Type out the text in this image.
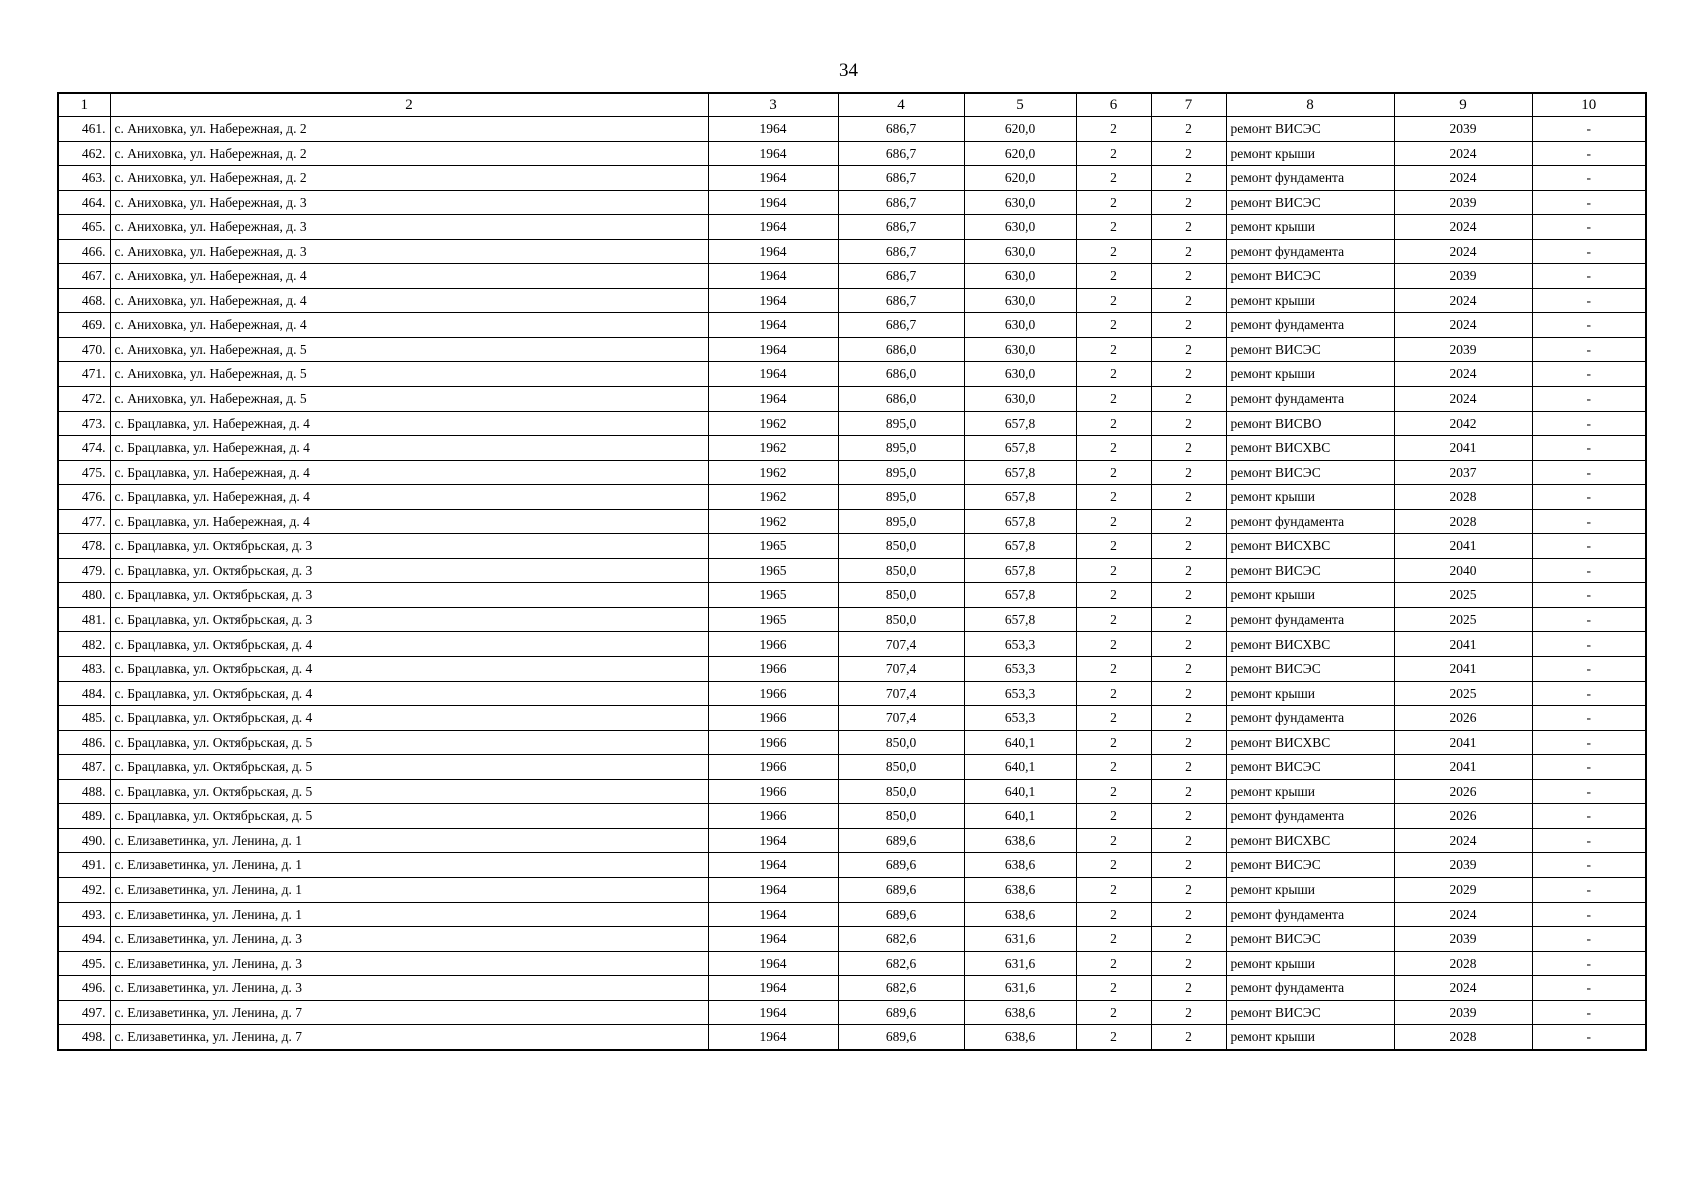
34
1	2	3	4	5	6	7	8	9	10
461.	с. Аниховка, ул. Набережная, д. 2	1964	686,7	620,0	2	2	ремонт ВИСЭС	2039	-
462.	с. Аниховка, ул. Набережная, д. 2	1964	686,7	620,0	2	2	ремонт крыши	2024	-
463.	с. Аниховка, ул. Набережная, д. 2	1964	686,7	620,0	2	2	ремонт фундамента	2024	-
464.	с. Аниховка, ул. Набережная, д. 3	1964	686,7	630,0	2	2	ремонт ВИСЭС	2039	-
465.	с. Аниховка, ул. Набережная, д. 3	1964	686,7	630,0	2	2	ремонт крыши	2024	-
466.	с. Аниховка, ул. Набережная, д. 3	1964	686,7	630,0	2	2	ремонт фундамента	2024	-
467.	с. Аниховка, ул. Набережная, д. 4	1964	686,7	630,0	2	2	ремонт ВИСЭС	2039	-
468.	с. Аниховка, ул. Набережная, д. 4	1964	686,7	630,0	2	2	ремонт крыши	2024	-
469.	с. Аниховка, ул. Набережная, д. 4	1964	686,7	630,0	2	2	ремонт фундамента	2024	-
470.	с. Аниховка, ул. Набережная, д. 5	1964	686,0	630,0	2	2	ремонт ВИСЭС	2039	-
471.	с. Аниховка, ул. Набережная, д. 5	1964	686,0	630,0	2	2	ремонт крыши	2024	-
472.	с. Аниховка, ул. Набережная, д. 5	1964	686,0	630,0	2	2	ремонт фундамента	2024	-
473.	с. Брацлавка, ул. Набережная, д. 4	1962	895,0	657,8	2	2	ремонт ВИСВО	2042	-
474.	с. Брацлавка, ул. Набережная, д. 4	1962	895,0	657,8	2	2	ремонт ВИСХВС	2041	-
475.	с. Брацлавка, ул. Набережная, д. 4	1962	895,0	657,8	2	2	ремонт ВИСЭС	2037	-
476.	с. Брацлавка, ул. Набережная, д. 4	1962	895,0	657,8	2	2	ремонт крыши	2028	-
477.	с. Брацлавка, ул. Набережная, д. 4	1962	895,0	657,8	2	2	ремонт фундамента	2028	-
478.	с. Брацлавка, ул. Октябрьская, д. 3	1965	850,0	657,8	2	2	ремонт ВИСХВС	2041	-
479.	с. Брацлавка, ул. Октябрьская, д. 3	1965	850,0	657,8	2	2	ремонт ВИСЭС	2040	-
480.	с. Брацлавка, ул. Октябрьская, д. 3	1965	850,0	657,8	2	2	ремонт крыши	2025	-
481.	с. Брацлавка, ул. Октябрьская, д. 3	1965	850,0	657,8	2	2	ремонт фундамента	2025	-
482.	с. Брацлавка, ул. Октябрьская, д. 4	1966	707,4	653,3	2	2	ремонт ВИСХВС	2041	-
483.	с. Брацлавка, ул. Октябрьская, д. 4	1966	707,4	653,3	2	2	ремонт ВИСЭС	2041	-
484.	с. Брацлавка, ул. Октябрьская, д. 4	1966	707,4	653,3	2	2	ремонт крыши	2025	-
485.	с. Брацлавка, ул. Октябрьская, д. 4	1966	707,4	653,3	2	2	ремонт фундамента	2026	-
486.	с. Брацлавка, ул. Октябрьская, д. 5	1966	850,0	640,1	2	2	ремонт ВИСХВС	2041	-
487.	с. Брацлавка, ул. Октябрьская, д. 5	1966	850,0	640,1	2	2	ремонт ВИСЭС	2041	-
488.	с. Брацлавка, ул. Октябрьская, д. 5	1966	850,0	640,1	2	2	ремонт крыши	2026	-
489.	с. Брацлавка, ул. Октябрьская, д. 5	1966	850,0	640,1	2	2	ремонт фундамента	2026	-
490.	с. Елизаветинка, ул. Ленина, д. 1	1964	689,6	638,6	2	2	ремонт ВИСХВС	2024	-
491.	с. Елизаветинка, ул. Ленина, д. 1	1964	689,6	638,6	2	2	ремонт ВИСЭС	2039	-
492.	с. Елизаветинка, ул. Ленина, д. 1	1964	689,6	638,6	2	2	ремонт крыши	2029	-
493.	с. Елизаветинка, ул. Ленина, д. 1	1964	689,6	638,6	2	2	ремонт фундамента	2024	-
494.	с. Елизаветинка, ул. Ленина, д. 3	1964	682,6	631,6	2	2	ремонт ВИСЭС	2039	-
495.	с. Елизаветинка, ул. Ленина, д. 3	1964	682,6	631,6	2	2	ремонт крыши	2028	-
496.	с. Елизаветинка, ул. Ленина, д. 3	1964	682,6	631,6	2	2	ремонт фундамента	2024	-
497.	с. Елизаветинка, ул. Ленина, д. 7	1964	689,6	638,6	2	2	ремонт ВИСЭС	2039	-
498.	с. Елизаветинка, ул. Ленина, д. 7	1964	689,6	638,6	2	2	ремонт крыши	2028	-
